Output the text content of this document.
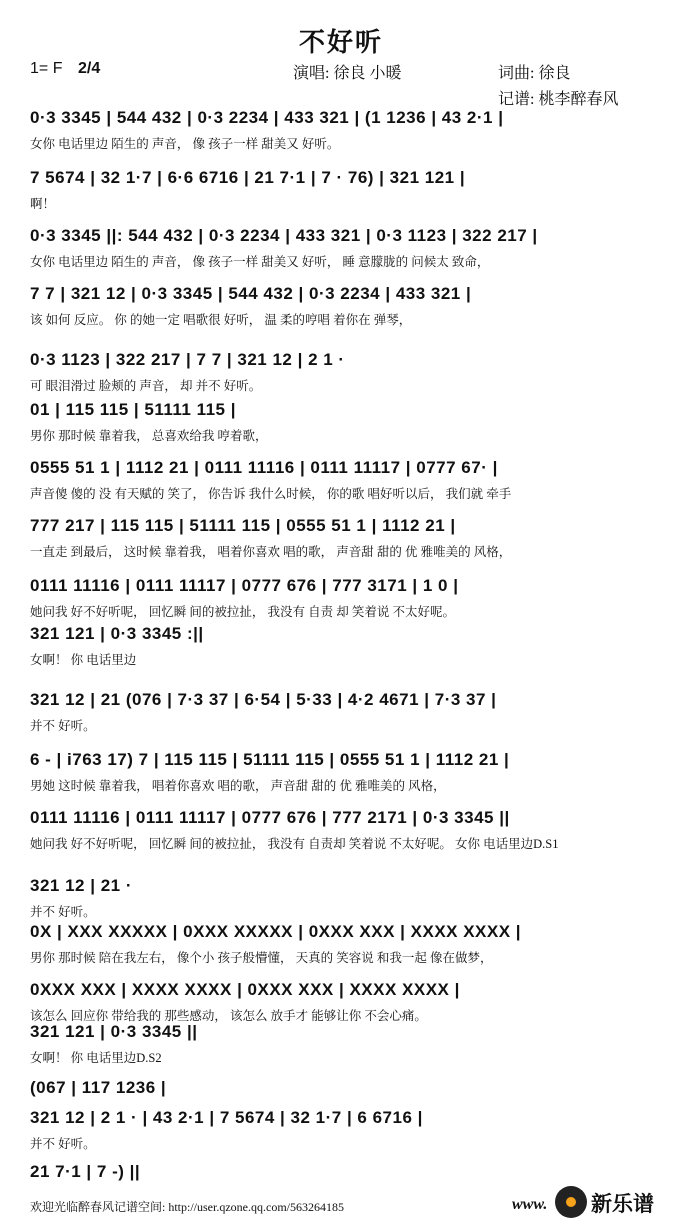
不好听
1= F 2/4	演唱: 徐良 小暖	词曲: 徐良
记谱: 桃李醉春风
0·3 3345 | 544 432 | 0·3 2234 | 433 321 | (1 1236 | 43 2·1 |
女你 电话里边 陌生的 声音， 像 孩子一样 甜美又 好听。
7 5674 | 32 1·7 | 6·6 6716 | 21 7·1 | 7 · 76) | 321 121 |
啊！
0·3 3345 ||: 544 432 | 0·3 2234 | 433 321 | 0·3 1123 | 322 217 |
女你 电话里边 陌生的 声音， 像 孩子一样 甜美又 好听， 睡 意朦胧的 问候太 致命，
7 7 | 321 12 | 0·3 3345 | 544 432 | 0·3 2234 | 433 321 |
该 如何 反应。 你 的她一定 唱歌很 好听， 温 柔的哼唱 着你在 弹琴，
0·3 1123 | 322 217 | 7 7 | 321 12 | 2 1 ·
可 眼泪滑过 脸颊的 声音， 却 并不 好听。
01 | 115 115 | 51111 115 |
男你 那时候 靠着我， 总喜欢给我 哼着歌，
0555 51 1 | 1112 21 | 0111 11116 | 0111 11117 | 0777 67· |
声音傻 傻的 没 有天赋的 笑了， 你告诉 我什么时候， 你的歌 唱好听以后， 我们就 牵手
777 217 | 115 115 | 51111 115 | 0555 51 1 | 1112 21 |
一直走 到最后， 这时候 靠着我， 唱着你喜欢 唱的歌， 声音甜 甜的 优 雅唯美的 风格，
0111 11116 | 0111 11117 | 0777 676 | 777 3171 | 1 0 |
她问我 好不好听呢， 回忆瞬 间的被拉扯， 我没有 自责 却 笑着说 不太好呢。
321 121 | 0·3 3345 :||
女啊！ 你 电话里边
321 12 | 21 (076 | 7·3 37 | 6·54 | 5·33 | 4·2 4671 | 7·3 37 |
并不 好听。
6 - | i763 17) 7 | 115 115 | 51111 115 | 0555 51 1 | 1112 21 |
男她 这时候 靠着我， 唱着你喜欢 唱的歌， 声音甜 甜的 优 雅唯美的 风格，
0111 11116 | 0111 11117 | 0777 676 | 777 2171 | 0·3 3345 ||
她问我 好不好听呢， 回忆瞬 间的被拉扯， 我没有 自责却 笑着说 不太好呢。 女你 电话里边D.S1
321 12 | 21 ·
并不 好听。
0X | XXX XXXXX | 0XXX XXXXX | 0XXX XXX | XXXX XXXX |
男你 那时候 陪在我左右， 像个小 孩子般懵懂， 天真的 笑容说 和我一起 像在做梦，
0XXX XXX | XXXX XXXX | 0XXX XXX | XXXX XXXX |
该怎么 回应你 带给我的 那些感动， 该怎么 放手才 能够让你 不会心痛。
321 121 | 0·3 3345 ||
女啊！ 你 电话里边D.S2
(067 | 117 1236 |
321 12 | 2 1 · | 43 2·1 | 7 5674 | 32 1·7 | 6 6716 |
并不 好听。
21 7·1 | 7 -) ||
欢迎光临醉春风记谱空间: http://user.qzone.qq.com/563264185	www. 新乐谱
